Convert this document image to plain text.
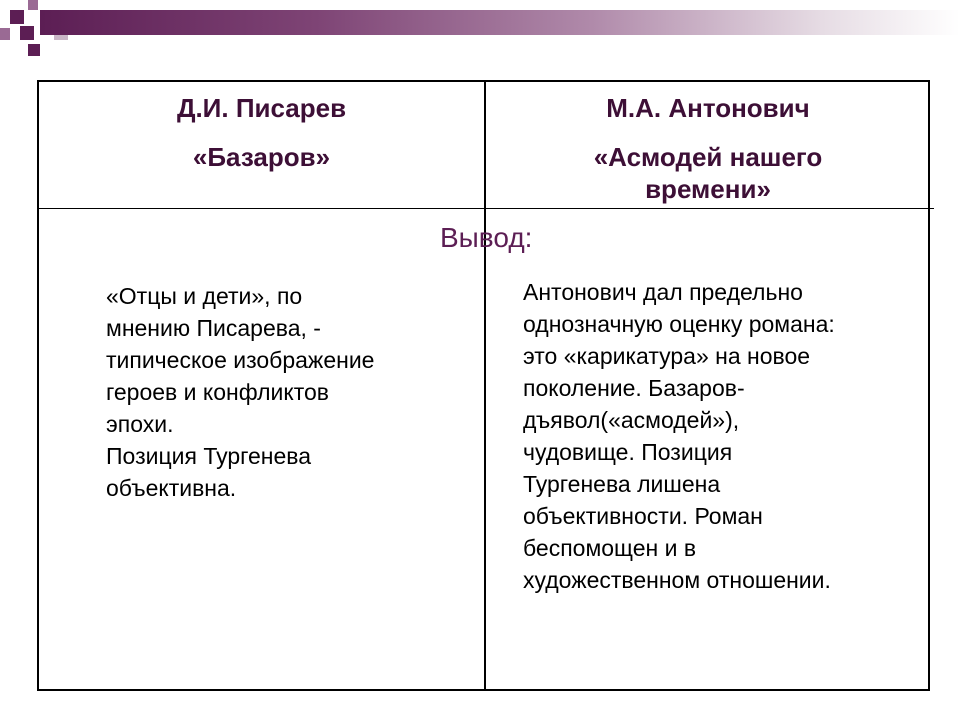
Д.И. Писарев
«Базаров»
М.А. Антонович
«Асмодей нашего
времени»
Вывод:
«Отцы и дети», по
мнению Писарева, -
типическое изображение
героев и конфликтов
эпохи.
Позиция Тургенева
объективна.
Антонович дал предельно
однозначную оценку романа:
это «карикатура» на новое
поколение. Базаров-
дъявол(«асмодей»),
чудовище. Позиция
Тургенева лишена
объективности. Роман
беспомощен и в
художественном отношении.
